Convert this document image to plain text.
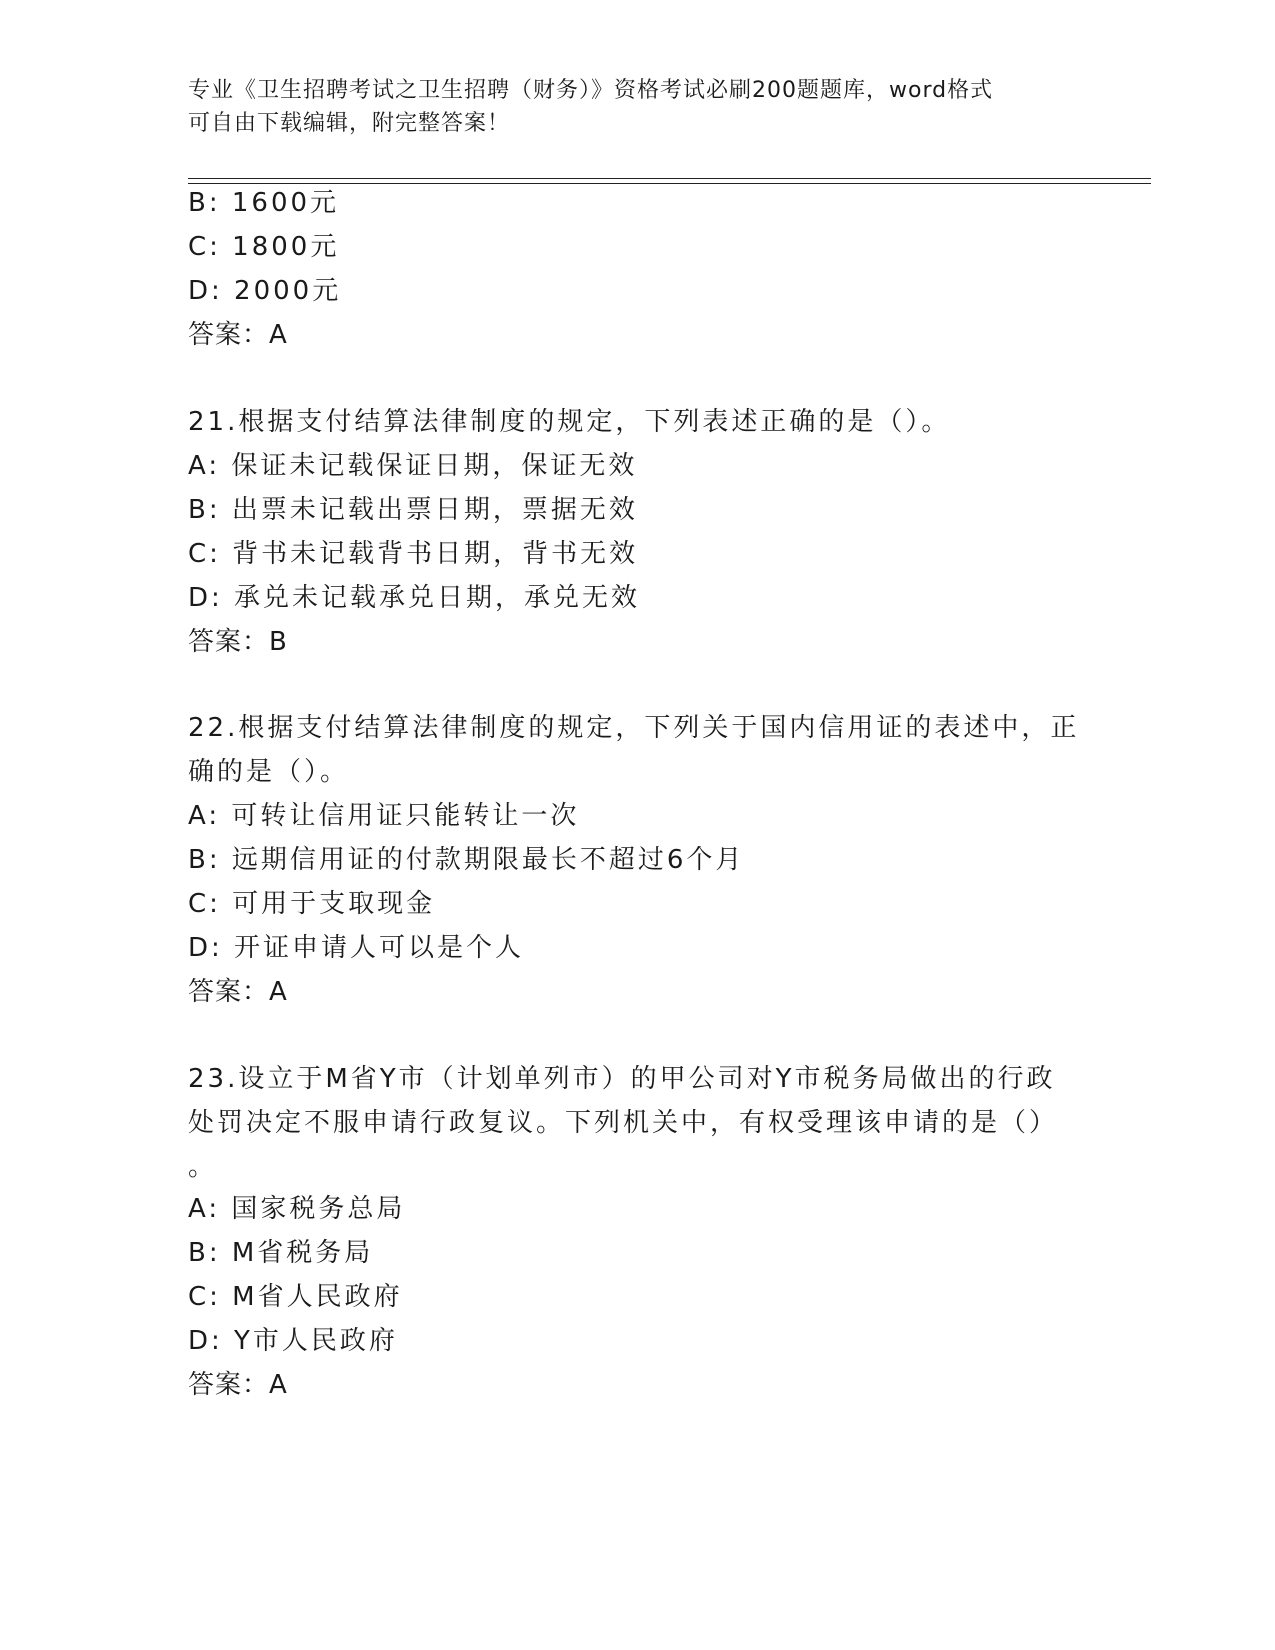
专业《卫生招聘考试之卫生招聘（财务）》资格考试必刷200题题库，word格式
可自由下载编辑，附完整答案！
B: 1600元
C: 1800元
D: 2000元
答案：A
21.根据支付结算法律制度的规定，下列表述正确的是（）。
A: 保证未记载保证日期，保证无效
B: 出票未记载出票日期，票据无效
C: 背书未记载背书日期，背书无效
D: 承兑未记载承兑日期，承兑无效
答案：B
22.根据支付结算法律制度的规定，下列关于国内信用证的表述中，正
确的是（）。
A: 可转让信用证只能转让一次
B: 远期信用证的付款期限最长不超过6个月
C: 可用于支取现金
D: 开证申请人可以是个人
答案：A
23.设立于M省Y市（计划单列市）的甲公司对Y市税务局做出的行政
处罚决定不服申请行政复议。下列机关中，有权受理该申请的是（）
。
A: 国家税务总局
B: M省税务局
C: M省人民政府
D: Y市人民政府
答案：A
